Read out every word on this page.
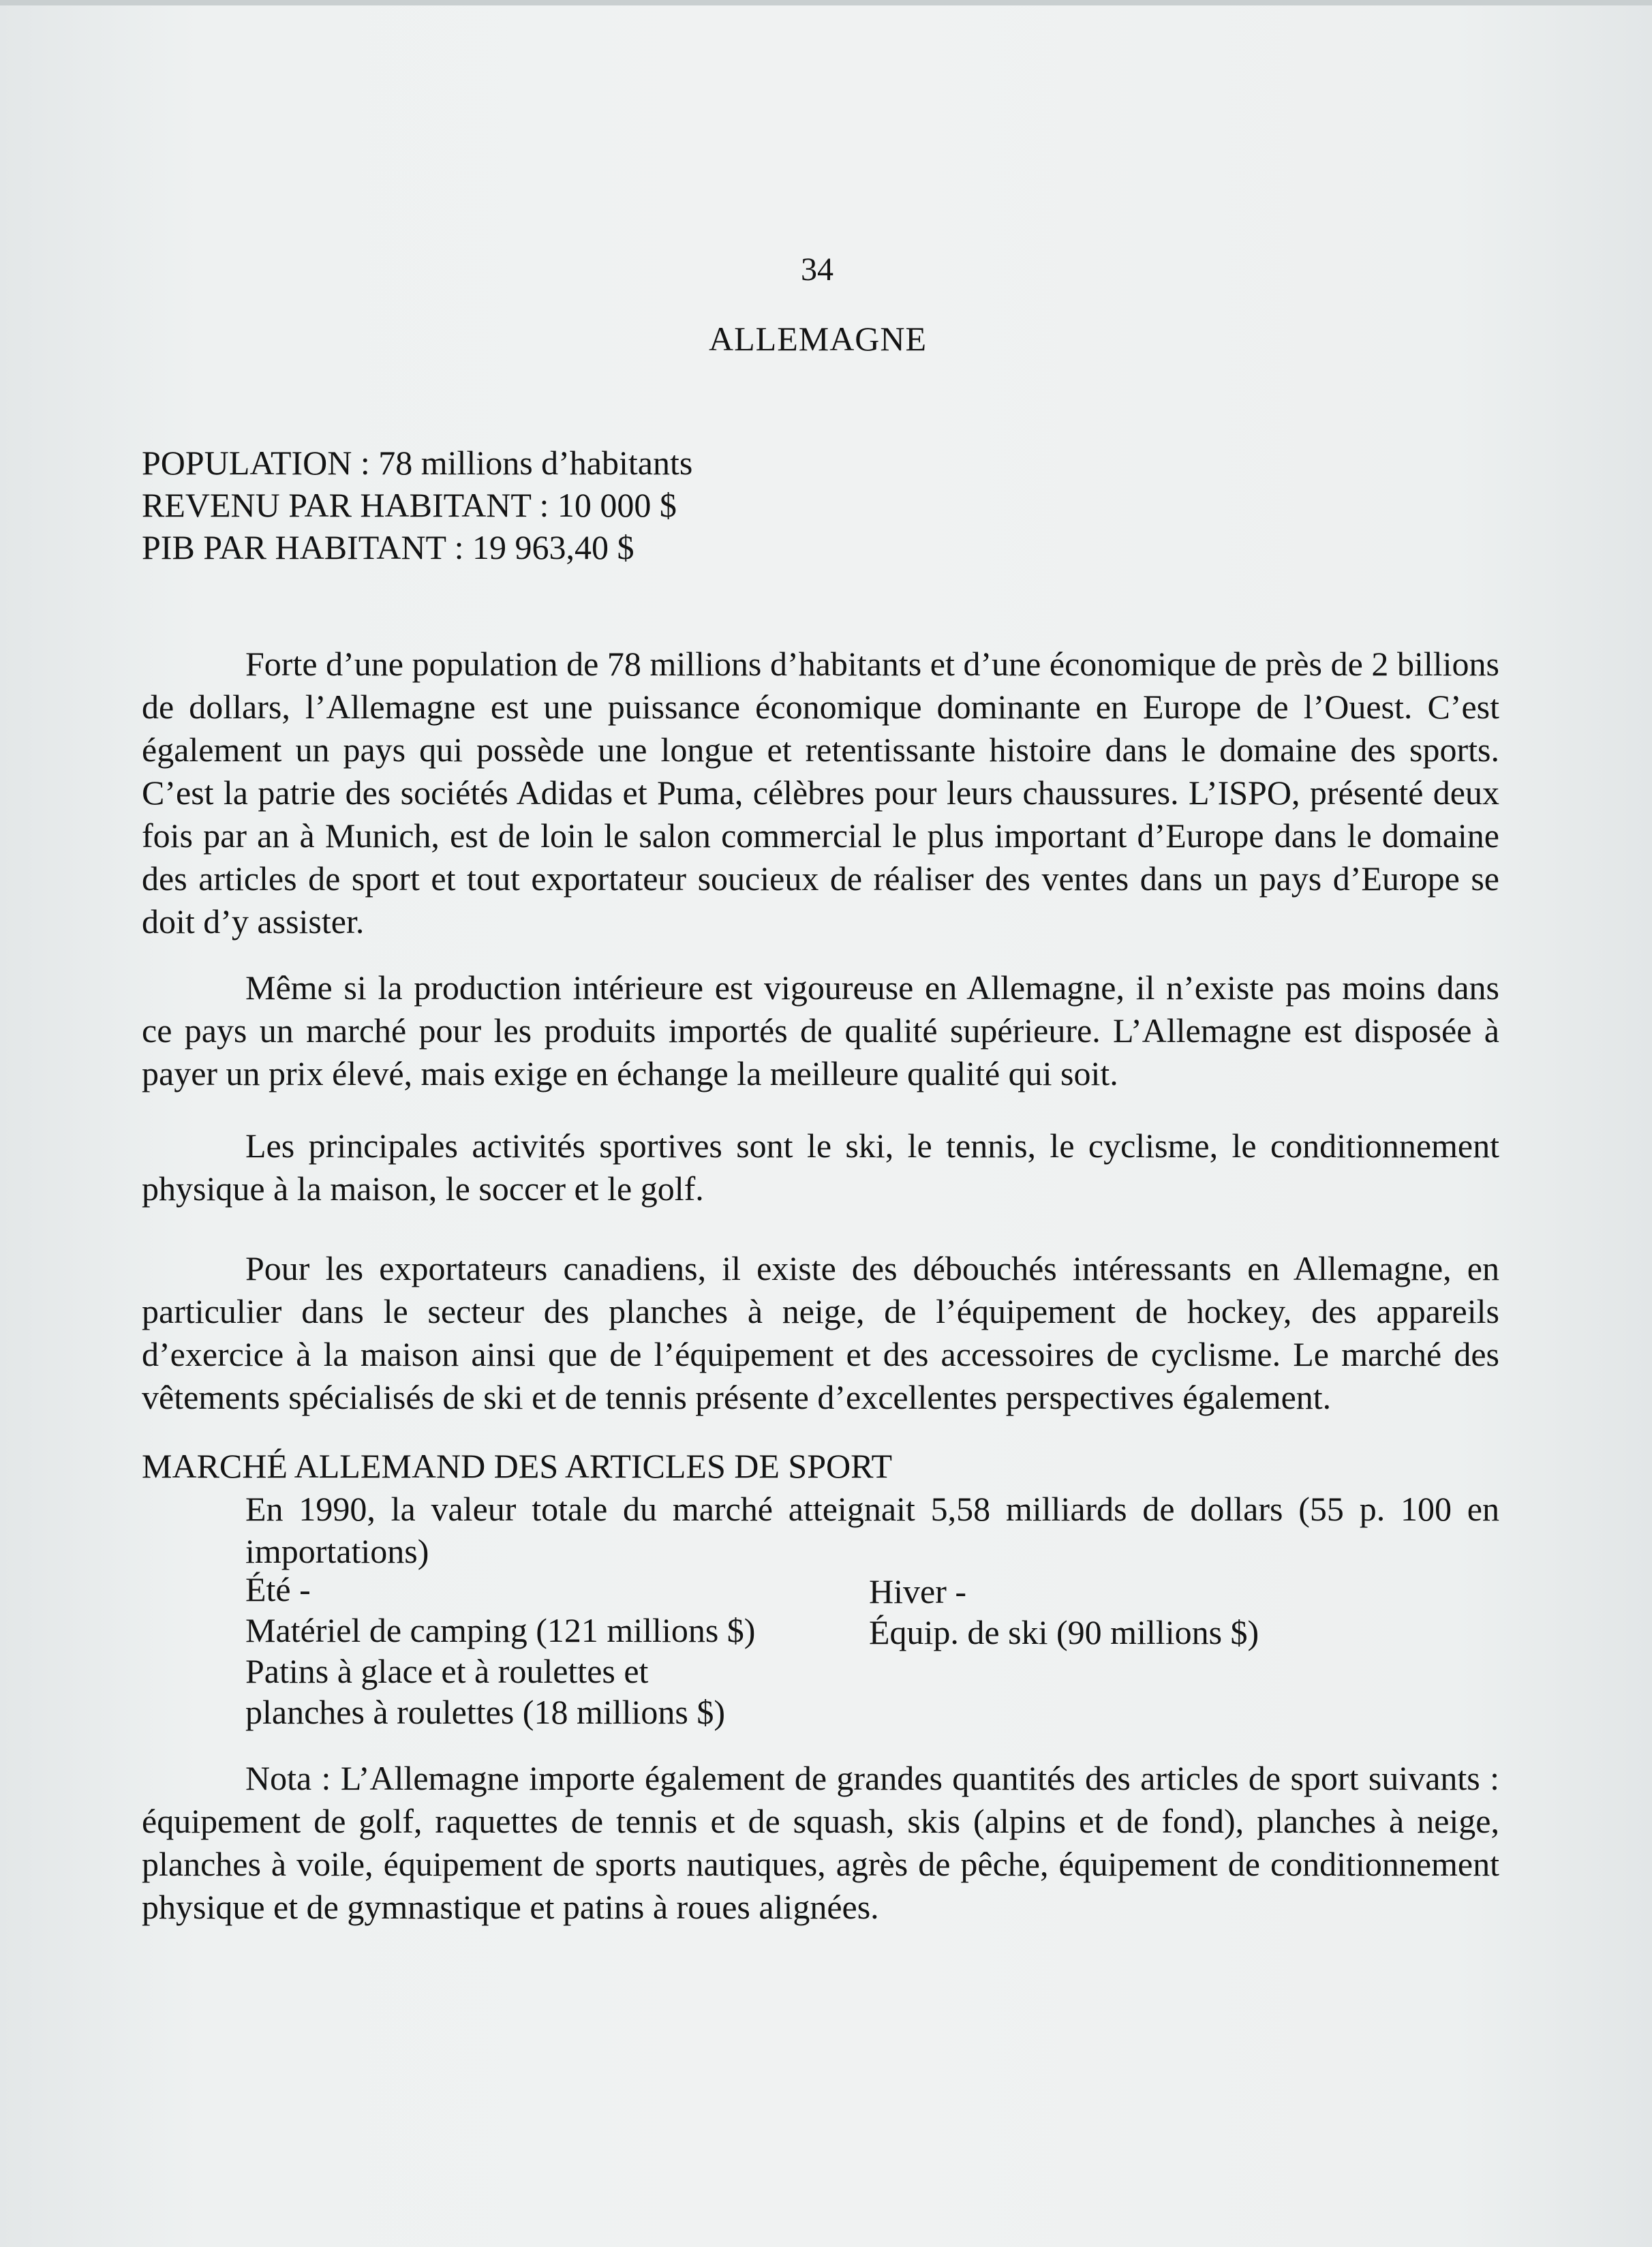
34
ALLEMAGNE
POPULATION : 78 millions d’habitants
REVENU PAR HABITANT : 10 000 $
PIB PAR HABITANT : 19 963,40 $

Forte d’une population de 78 millions d’habitants et d’une économique de près de 2 billions de dollars, l’Allemagne est une puissance économique dominante en Europe de l’Ouest. C’est également un pays qui possède une longue et retentissante histoire dans le domaine des sports. C’est la patrie des sociétés Adidas et Puma, célèbres pour leurs chaussures. L’ISPO, présenté deux fois par an à Munich, est de loin le salon commercial le plus important d’Europe dans le domaine des articles de sport et tout exportateur soucieux de réaliser des ventes dans un pays d’Europe se doit d’y assister.

Même si la production intérieure est vigoureuse en Allemagne, il n’existe pas moins dans ce pays un marché pour les produits importés de qualité supérieure. L’Allemagne est disposée à payer un prix élevé, mais exige en échange la meilleure qualité qui soit.

Les principales activités sportives sont le ski, le tennis, le cyclisme, le conditionnement physique à la maison, le soccer et le golf.

Pour les exportateurs canadiens, il existe des débouchés intéressants en Allemagne, en particulier dans le secteur des planches à neige, de l’équipement de hockey, des appareils d’exercice à la maison ainsi que de l’équipement et des accessoires de cyclisme. Le marché des vêtements spécialisés de ski et de tennis présente d’excellentes perspectives également.

MARCHÉ ALLEMAND DES ARTICLES DE SPORT

En 1990, la valeur totale du marché atteignait 5,58 milliards de dollars (55 p. 100 en importations)

Été -
Matériel de camping (121 millions $)
Patins à glace et à roulettes et
planches à roulettes (18 millions $)
Hiver -
Équip. de ski (90 millions $)

Nota : L’Allemagne importe également de grandes quantités des articles de sport suivants : équipement de golf, raquettes de tennis et de squash, skis (alpins et de fond), planches à neige, planches à voile, équipement de sports nautiques, agrès de pêche, équipement de conditionnement physique et de gymnastique et patins à roues alignées.
